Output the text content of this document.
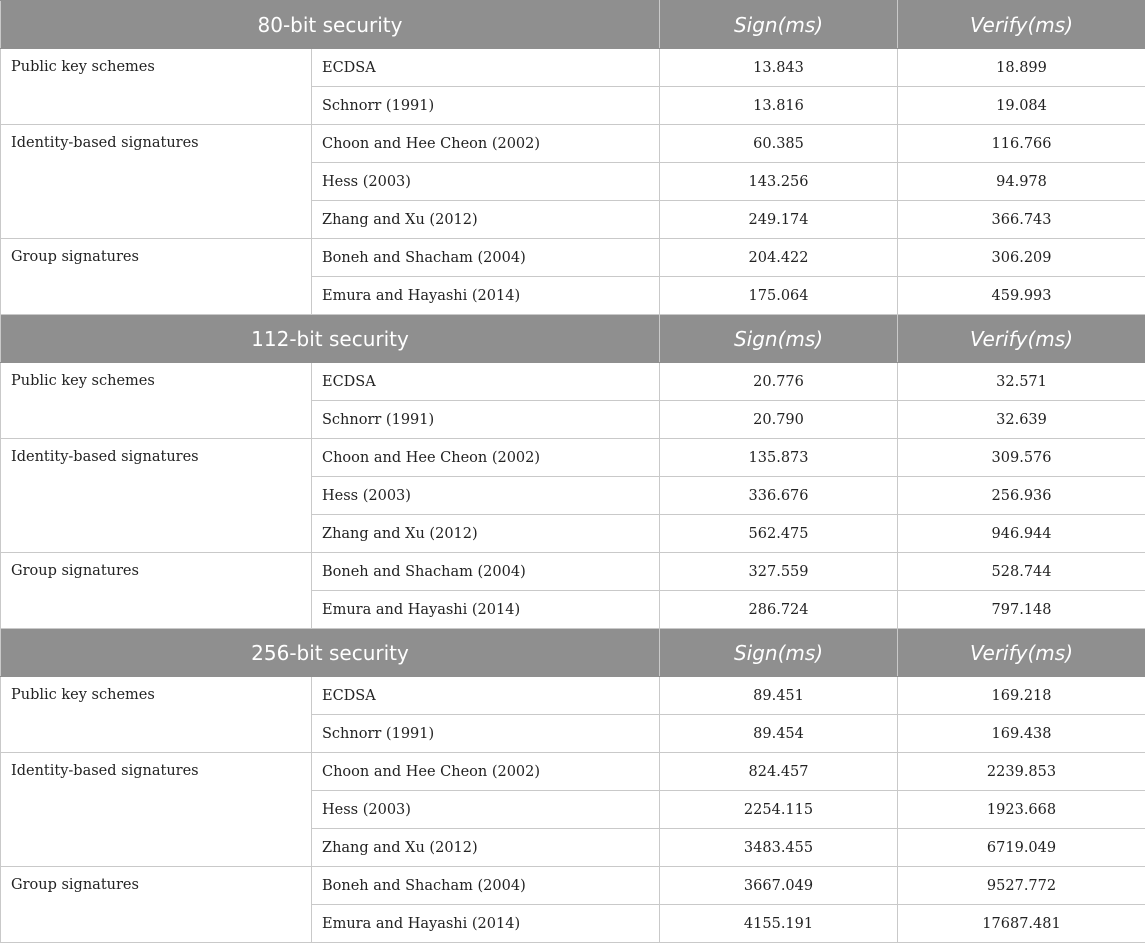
80-bit security		Sign(ms)	Verify(ms)
Public key schemes	ECDSA	13.843	18.899
	Schnorr (1991)	13.816	19.084
Identity-based signatures	Choon and Hee Cheon (2002)	60.385	116.766
	Hess (2003)	143.256	94.978
	Zhang and Xu (2012)	249.174	366.743
Group signatures	Boneh and Shacham (2004)	204.422	306.209
	Emura and Hayashi (2014)	175.064	459.993
112-bit security		Sign(ms)	Verify(ms)
Public key schemes	ECDSA	20.776	32.571
	Schnorr (1991)	20.790	32.639
Identity-based signatures	Choon and Hee Cheon (2002)	135.873	309.576
	Hess (2003)	336.676	256.936
	Zhang and Xu (2012)	562.475	946.944
Group signatures	Boneh and Shacham (2004)	327.559	528.744
	Emura and Hayashi (2014)	286.724	797.148
256-bit security		Sign(ms)	Verify(ms)
Public key schemes	ECDSA	89.451	169.218
	Schnorr (1991)	89.454	169.438
Identity-based signatures	Choon and Hee Cheon (2002)	824.457	2239.853
	Hess (2003)	2254.115	1923.668
	Zhang and Xu (2012)	3483.455	6719.049
Group signatures	Boneh and Shacham (2004)	3667.049	9527.772
	Emura and Hayashi (2014)	4155.191	17687.481
